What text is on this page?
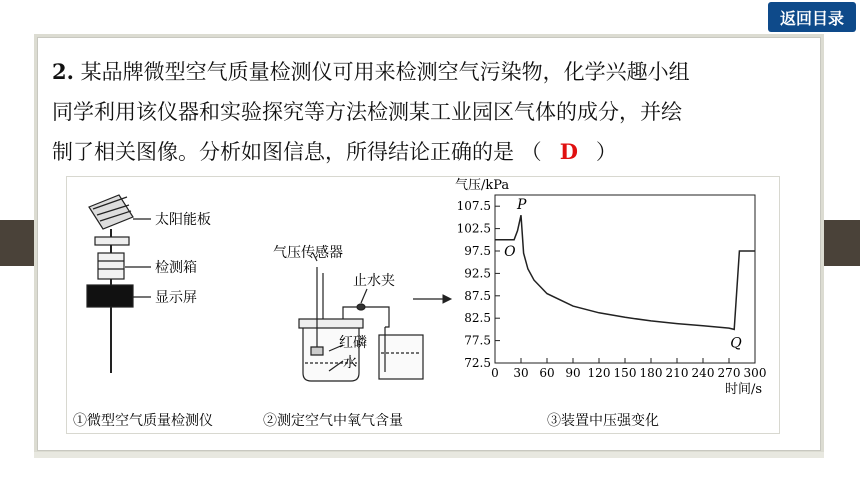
返回目录
2. 某品牌微型空气质量检测仪可用来检测空气污染物，化学兴趣小组
同学利用该仪器和实验探究等方法检测某工业园区气体的成分，并绘
制了相关图像。分析如图信息，所得结论正确的是 （ D ）
太阳能板
检测箱
显示屏
气压传感器
止水夹
红磷
水	72.5
77.5
82.5
87.5
92.5
97.5
102.5
107.5
0 30 60 90 120 150 180 210 240 270 300
气压/kPa
时间/s
P
O
Q
①微型空气质量检测仪	②测定空气中氧气含量	③装置中压强变化
